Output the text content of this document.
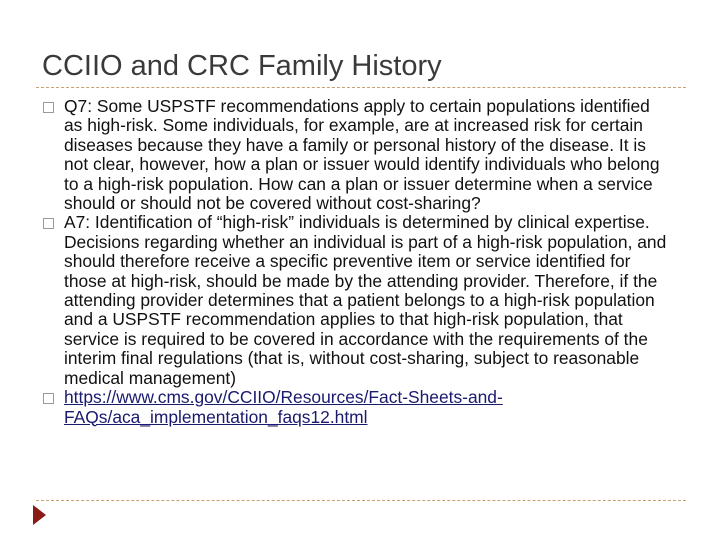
CCIIO and CRC Family History
Q7: Some USPSTF recommendations apply to certain populations identified as high-risk. Some individuals, for example, are at increased risk for certain diseases because they have a family or personal history of the disease. It is not clear, however, how a plan or issuer would identify individuals who belong to a high-risk population. How can a plan or issuer determine when a service should or should not be covered without cost-sharing?
A7: Identification of “high-risk” individuals is determined by clinical expertise. Decisions regarding whether an individual is part of a high-risk population, and should therefore receive a specific preventive item or service identified for those at high-risk, should be made by the attending provider. Therefore, if the attending provider determines that a patient belongs to a high-risk population and a USPSTF recommendation applies to that high-risk population, that service is required to be covered in accordance with the requirements of the interim final regulations (that is, without cost-sharing, subject to reasonable medical management)
https://www.cms.gov/CCIIO/Resources/Fact-Sheets-and-FAQs/aca_implementation_faqs12.html
